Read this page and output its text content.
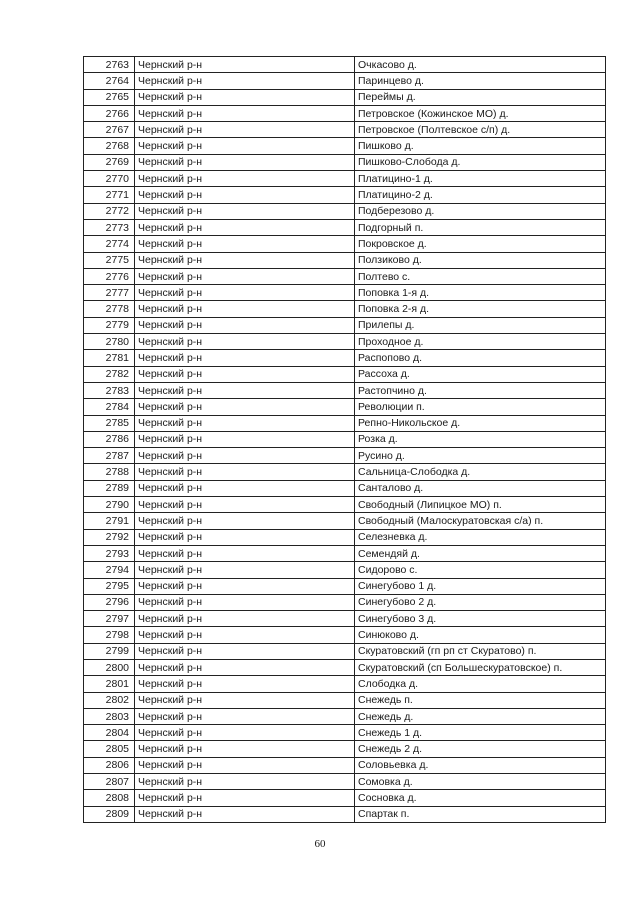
2763	Чернский р-н	Очкасово д.
2764	Чернский р-н	Паринцево д.
2765	Чернский р-н	Переймы д.
2766	Чернский р-н	Петровское (Кожинское МО) д.
2767	Чернский р-н	Петровское (Полтевское с/п) д.
2768	Чернский р-н	Пишково д.
2769	Чернский р-н	Пишково-Слобода д.
2770	Чернский р-н	Платицино-1 д.
2771	Чернский р-н	Платицино-2 д.
2772	Чернский р-н	Подберезово д.
2773	Чернский р-н	Подгорный п.
2774	Чернский р-н	Покровское д.
2775	Чернский р-н	Ползиково д.
2776	Чернский р-н	Полтево с.
2777	Чернский р-н	Поповка 1-я д.
2778	Чернский р-н	Поповка 2-я д.
2779	Чернский р-н	Прилепы д.
2780	Чернский р-н	Проходное д.
2781	Чернский р-н	Распопово д.
2782	Чернский р-н	Рассоха д.
2783	Чернский р-н	Растопчино д.
2784	Чернский р-н	Революции п.
2785	Чернский р-н	Репно-Никольское д.
2786	Чернский р-н	Розка д.
2787	Чернский р-н	Русино д.
2788	Чернский р-н	Сальница-Слободка д.
2789	Чернский р-н	Санталово д.
2790	Чернский р-н	Свободный (Липицкое МО) п.
2791	Чернский р-н	Свободный (Малоскуратовская с/а) п.
2792	Чернский р-н	Селезневка д.
2793	Чернский р-н	Семендяй д.
2794	Чернский р-н	Сидорово с.
2795	Чернский р-н	Синегубово 1 д.
2796	Чернский р-н	Синегубово 2 д.
2797	Чернский р-н	Синегубово 3 д.
2798	Чернский р-н	Синюково д.
2799	Чернский р-н	Скуратовский (гп рп ст Скуратово) п.
2800	Чернский р-н	Скуратовский (сп Большескуратовское) п.
2801	Чернский р-н	Слободка д.
2802	Чернский р-н	Снежедь п.
2803	Чернский р-н	Снежедь д.
2804	Чернский р-н	Снежедь 1 д.
2805	Чернский р-н	Снежедь 2 д.
2806	Чернский р-н	Соловьевка д.
2807	Чернский р-н	Сомовка д.
2808	Чернский р-н	Сосновка д.
2809	Чернский р-н	Спартак п.
60
